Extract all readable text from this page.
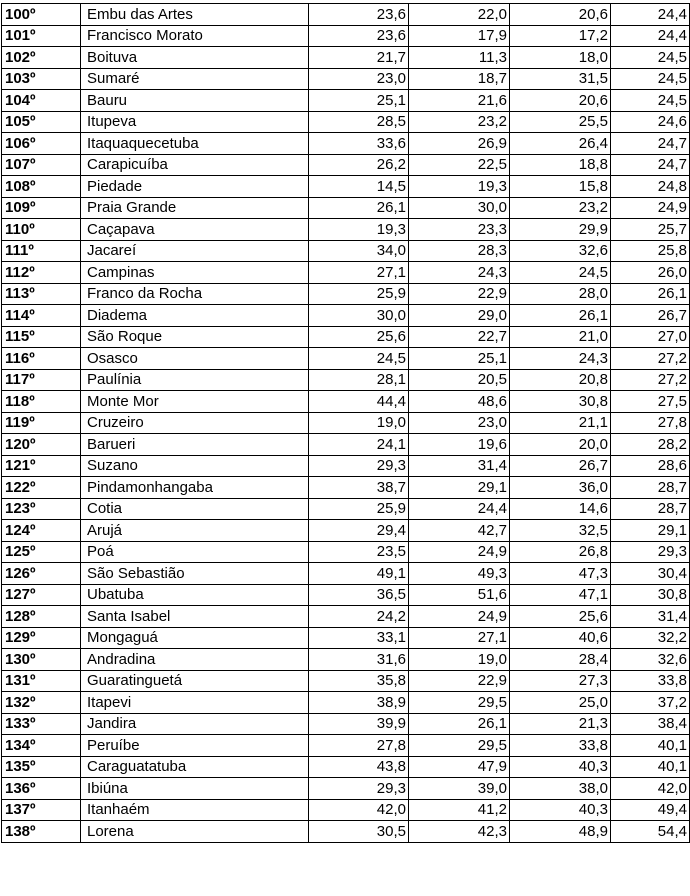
100º	Embu das Artes	23,6	22,0	20,6	24,4
101º	Francisco Morato	23,6	17,9	17,2	24,4
102º	Boituva	21,7	11,3	18,0	24,5
103º	Sumaré	23,0	18,7	31,5	24,5
104º	Bauru	25,1	21,6	20,6	24,5
105º	Itupeva	28,5	23,2	25,5	24,6
106º	Itaquaquecetuba	33,6	26,9	26,4	24,7
107º	Carapicuíba	26,2	22,5	18,8	24,7
108º	Piedade	14,5	19,3	15,8	24,8
109º	Praia Grande	26,1	30,0	23,2	24,9
110º	Caçapava	19,3	23,3	29,9	25,7
111º	Jacareí	34,0	28,3	32,6	25,8
112º	Campinas	27,1	24,3	24,5	26,0
113º	Franco da Rocha	25,9	22,9	28,0	26,1
114º	Diadema	30,0	29,0	26,1	26,7
115º	São Roque	25,6	22,7	21,0	27,0
116º	Osasco	24,5	25,1	24,3	27,2
117º	Paulínia	28,1	20,5	20,8	27,2
118º	Monte Mor	44,4	48,6	30,8	27,5
119º	Cruzeiro	19,0	23,0	21,1	27,8
120º	Barueri	24,1	19,6	20,0	28,2
121º	Suzano	29,3	31,4	26,7	28,6
122º	Pindamonhangaba	38,7	29,1	36,0	28,7
123º	Cotia	25,9	24,4	14,6	28,7
124º	Arujá	29,4	42,7	32,5	29,1
125º	Poá	23,5	24,9	26,8	29,3
126º	São Sebastião	49,1	49,3	47,3	30,4
127º	Ubatuba	36,5	51,6	47,1	30,8
128º	Santa Isabel	24,2	24,9	25,6	31,4
129º	Mongaguá	33,1	27,1	40,6	32,2
130º	Andradina	31,6	19,0	28,4	32,6
131º	Guaratinguetá	35,8	22,9	27,3	33,8
132º	Itapevi	38,9	29,5	25,0	37,2
133º	Jandira	39,9	26,1	21,3	38,4
134º	Peruíbe	27,8	29,5	33,8	40,1
135º	Caraguatatuba	43,8	47,9	40,3	40,1
136º	Ibiúna	29,3	39,0	38,0	42,0
137º	Itanhaém	42,0	41,2	40,3	49,4
138º	Lorena	30,5	42,3	48,9	54,4
